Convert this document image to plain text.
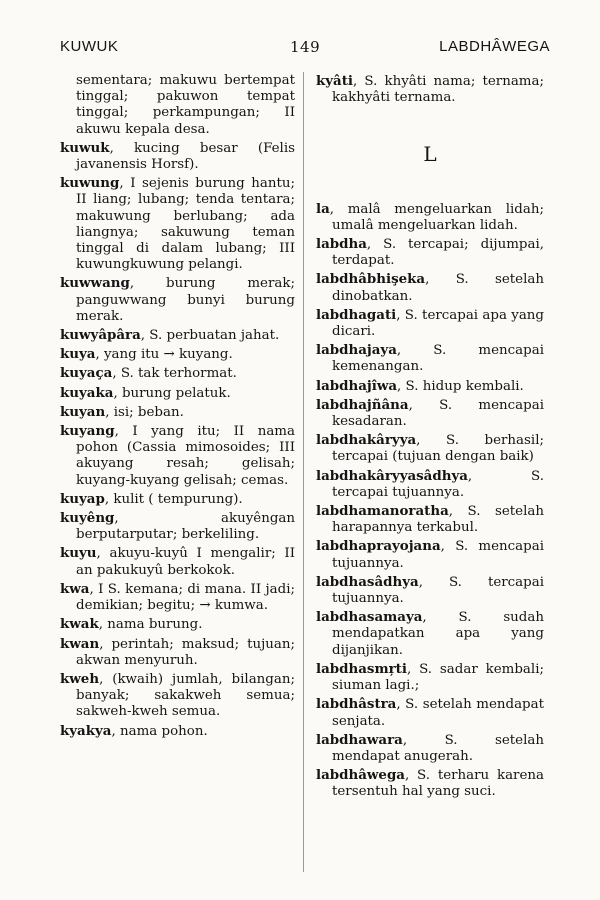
KUWUK	149	LABDHÂWEGA
sementara; makuwu bertempat tinggal; pakuwon tempat tinggal; perkampungan; II akuwu kepala desa.
kuwuk, kucing besar (Felis javanensis Horsf).
kuwung, I sejenis burung hantu; II liang; lubang; tenda tentara; makuwung berlubang; ada liangnya; sakuwung teman tinggal di dalam lubang; III kuwungkuwung pelangi.
kuwwang, burung merak; panguwwang bunyi burung merak.
kuwyâpâra, S. perbuatan jahat.
kuya, yang itu → kuyang.
kuyaça, S. tak terhormat.
kuyaka, burung pelatuk.
kuyan, isi; beban.
kuyang, I yang itu; II nama pohon (Cassia mimosoides; III akuyang resah; gelisah; kuyang-kuyang gelisah; cemas.
kuyap, kulit ( tempurung).
kuyêng, akuyêngan berputarputar; berkeliling.
kuyu, akuyu-kuyû I mengalir; II an pakukuyû berkokok.
kwa, I S. kemana; di mana. II jadi; demikian; begitu; → kumwa.
kwak, nama burung.
kwan, perintah; maksud; tujuan; akwan menyuruh.
kweh, (kwaih) jumlah, bilangan; banyak; sakakweh semua; sakweh-kweh semua.
kyakya, nama pohon.
kyâti, S. khyâti nama; ternama; kakhyâti ternama.
L
la, malâ mengeluarkan lidah; umalâ mengeluarkan lidah.
labdha, S. tercapai; dijumpai, terdapat.
labdhâbhişeka, S. setelah dinobatkan.
labdhagati, S. tercapai apa yang dicari.
labdhajaya, S. mencapai kemenangan.
labdhajîwa, S. hidup kembali.
labdhajñâna, S. mencapai kesadaran.
labdhakâryya, S. berhasil; tercapai (tujuan dengan baik)
labdhakâryyasâdhya, S. tercapai tujuannya.
labdhamanoratha, S. setelah harapannya terkabul.
labdhaprayojana, S. mencapai tujuannya.
labdhasâdhya, S. tercapai tujuannya.
labdhasamaya, S. sudah mendapatkan apa yang dijanjikan.
labdhasmŗti, S. sadar kembali; siuman lagi.;
labdhâstra, S. setelah mendapat senjata.
labdhawara, S. setelah mendapat anugerah.
labdhâwega, S. terharu karena tersentuh hal yang suci.
